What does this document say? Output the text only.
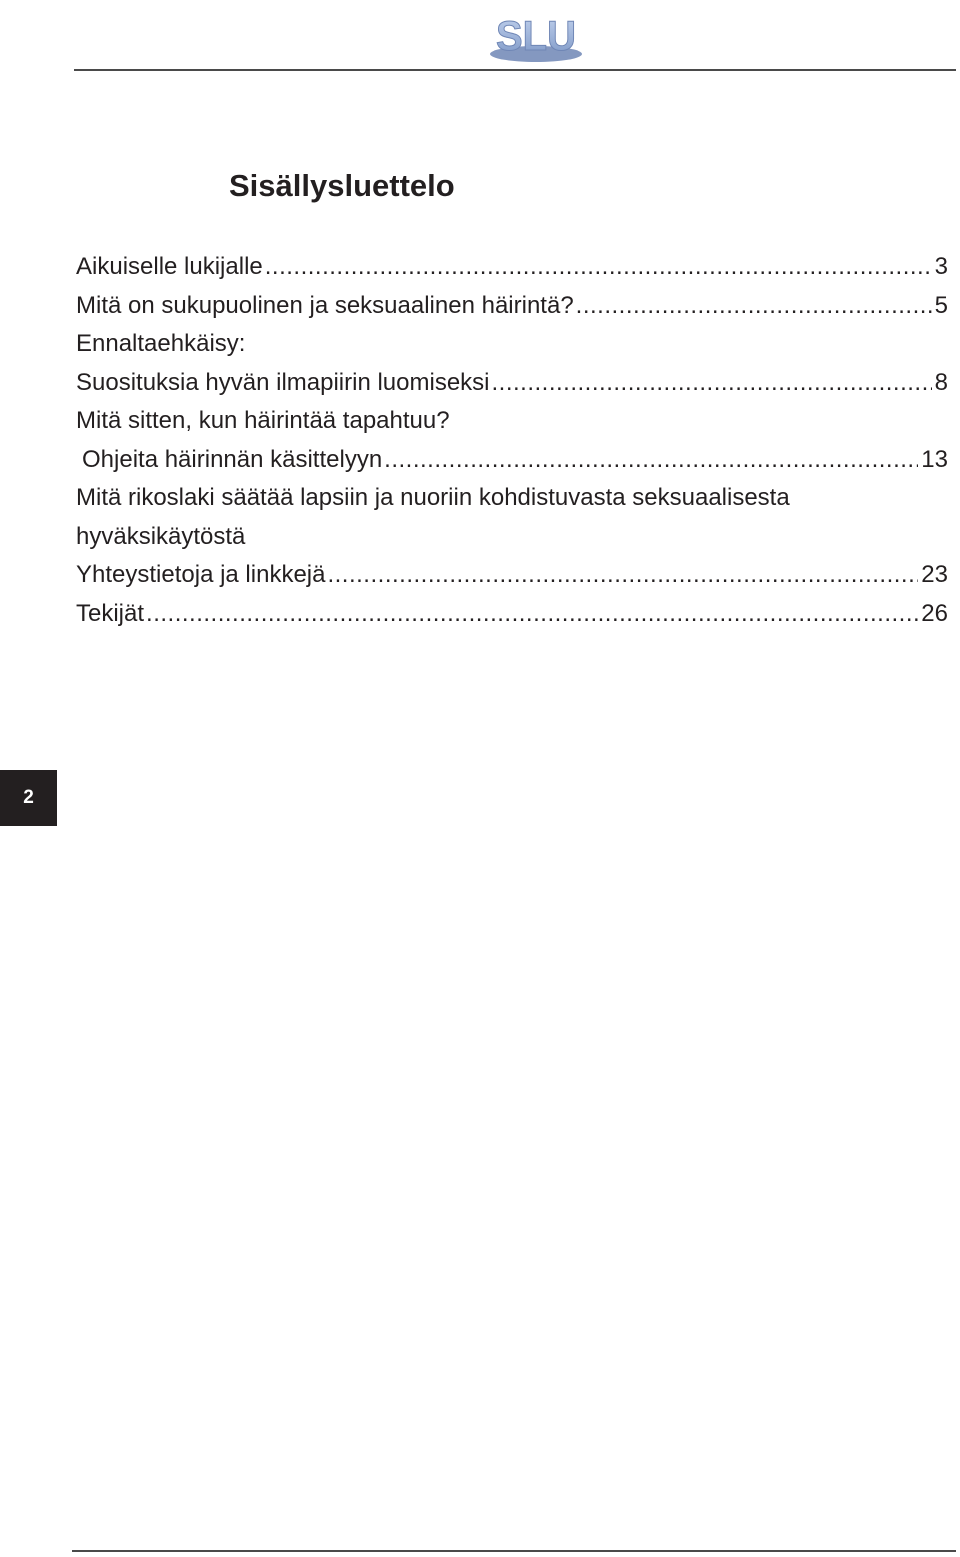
SLU
Sisällysluettelo
Aikuiselle lukijalle .....	3
Mitä on sukupuolinen ja seksuaalinen häirintä? .....	5
Ennaltaehkäisy:
Suosituksia hyvän ilmapiirin luomiseksi .....	8
Mitä sitten, kun häirintää tapahtuu?
Ohjeita häirinnän käsittelyyn .....	13
Mitä rikoslaki säätää lapsiin ja nuoriin kohdistuvasta seksuaalisesta
hyväksikäytöstä
Yhteystietoja ja linkkejä .....	23
Tekijät .....	26
2
